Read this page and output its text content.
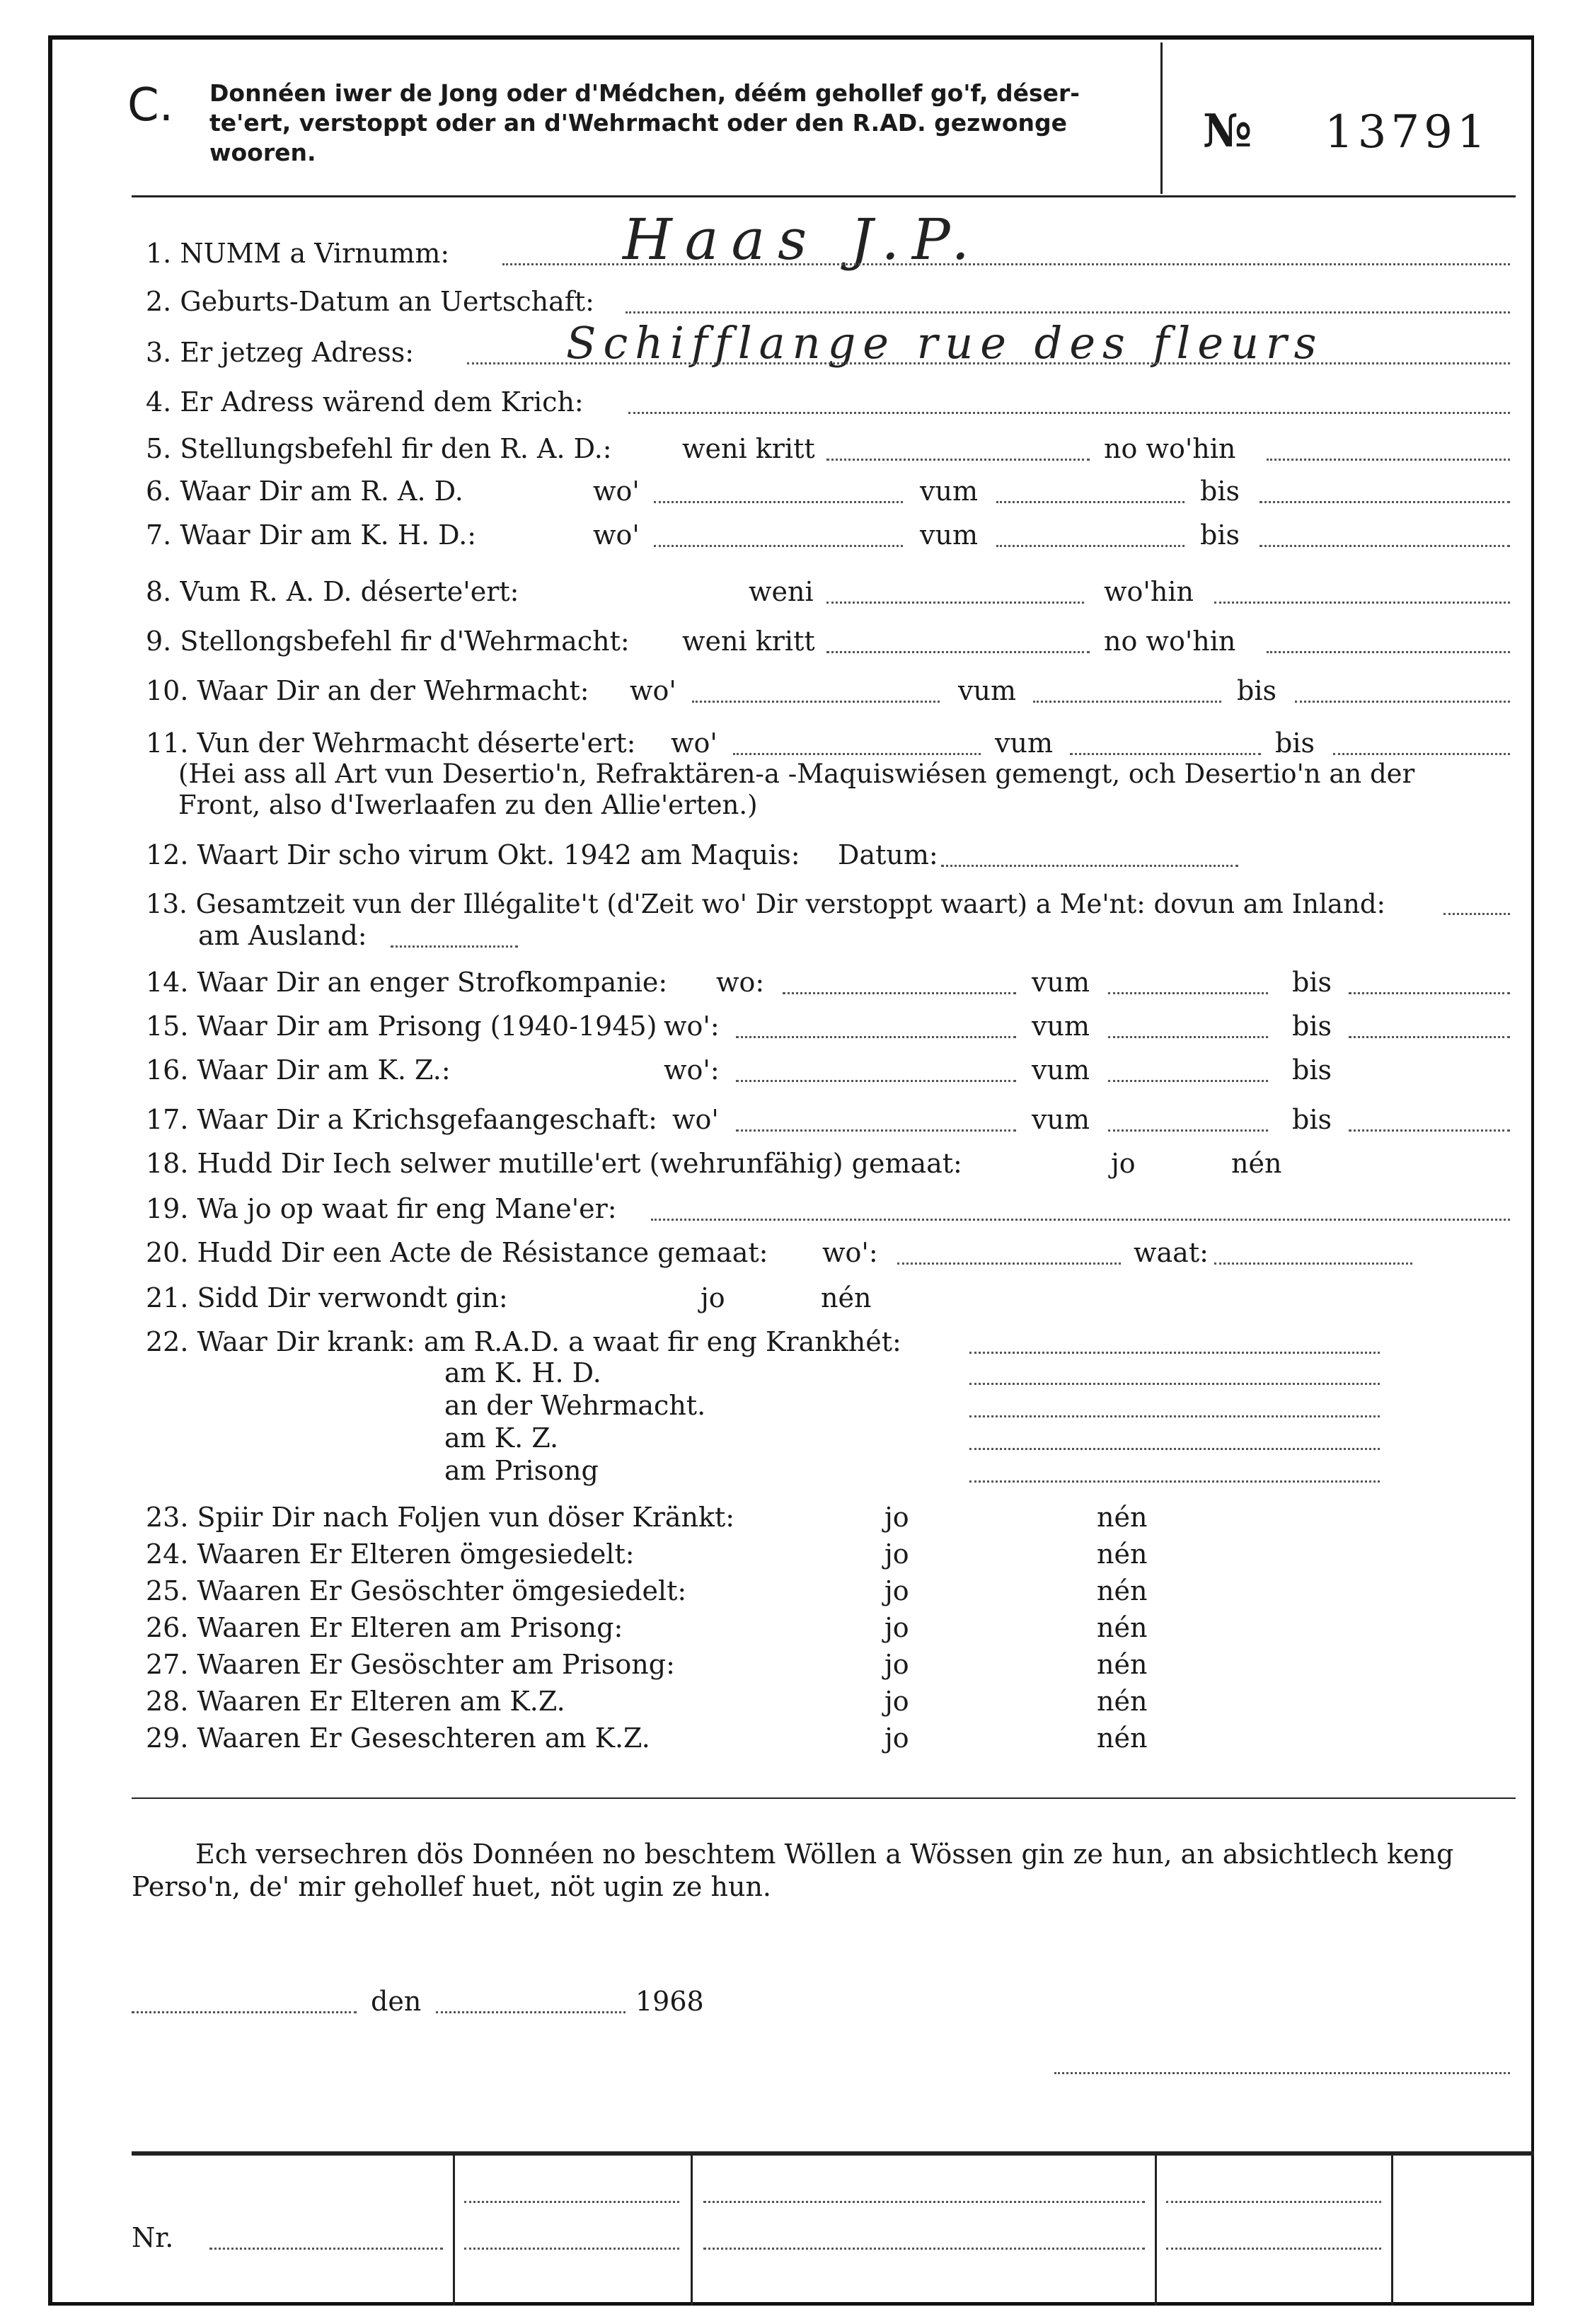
C. Donnéen iwer de Jong oder d'Médchen, déém gehollef go'f, déser-
te'ert, verstoppt oder an d'Wehrmacht oder den R.AD. gezwonge
wooren.	№ 13791
1. NUMM a Virnumm:	Haas J.P.
2. Geburts-Datum an Uertschaft:
3. Er jetzeg Adress:	Schifflange rue des fleurs
4. Er Adress wärend dem Krich:
5. Stellungsbefehl fir den R. A. D.:	weni kritt	no wo'hin
6. Waar Dir am R. A. D.	wo'	vum	bis
7. Waar Dir am K. H. D.:	wo'	vum	bis
8. Vum R. A. D. déserte'ert:	weni	wo'hin
9. Stellongsbefehl fir d'Wehrmacht: weni kritt	no wo'hin
10. Waar Dir an der Wehrmacht: wo'	vum	bis
11. Vun der Wehrmacht déserte'ert: wo'	vum	bis
(Hei ass all Art vun Desertio'n, Refraktären-a -Maquiswiésen gemengt, och Desertio'n an der
Front, also d'Iwerlaafen zu den Allie'erten.)
12. Waart Dir scho virum Okt. 1942 am Maquis: Datum:
13. Gesamtzeit vun der Illégalite't (d'Zeit wo' Dir verstoppt waart) a Me'nt: dovun am Inland:
am Ausland:
14. Waar Dir an enger Strofkompanie: wo:	vum	bis
15. Waar Dir am Prisong (1940-1945) wo':	vum	bis
16. Waar Dir am K. Z.:	wo':	vum	bis
17. Waar Dir a Krichsgefaangeschaft: wo'	vum	bis
18. Hudd Dir Iech selwer mutille'ert (wehrunfähig) gemaat:	jo	nén
19. Wa jo op waat fir eng Mane'er:
20. Hudd Dir een Acte de Résistance gemaat: wo':	waat:
21. Sidd Dir verwondt gin:	jo	nén
22. Waar Dir krank: am R.A.D. a waat fir eng Krankhét:
am K. H. D.
an der Wehrmacht.
am K. Z.
am Prisong
23. Spiir Dir nach Foljen vun döser Kränkt:	jo	nén
24. Waaren Er Elteren ömgesiedelt:	jo	nén
25. Waaren Er Gesöschter ömgesiedelt:	jo	nén
26. Waaren Er Elteren am Prisong:	jo	nén
27. Waaren Er Gesöschter am Prisong:	jo	nén
28. Waaren Er Elteren am K.Z.	jo	nén
29. Waaren Er Geseschteren am K.Z.	jo	nén
Ech versechren dös Donnéen no beschtem Wöllen a Wössen gin ze hun, an absichtlech keng
Perso'n, de' mir gehollef huet, nöt ugin ze hun.
den	1968
Nr.
